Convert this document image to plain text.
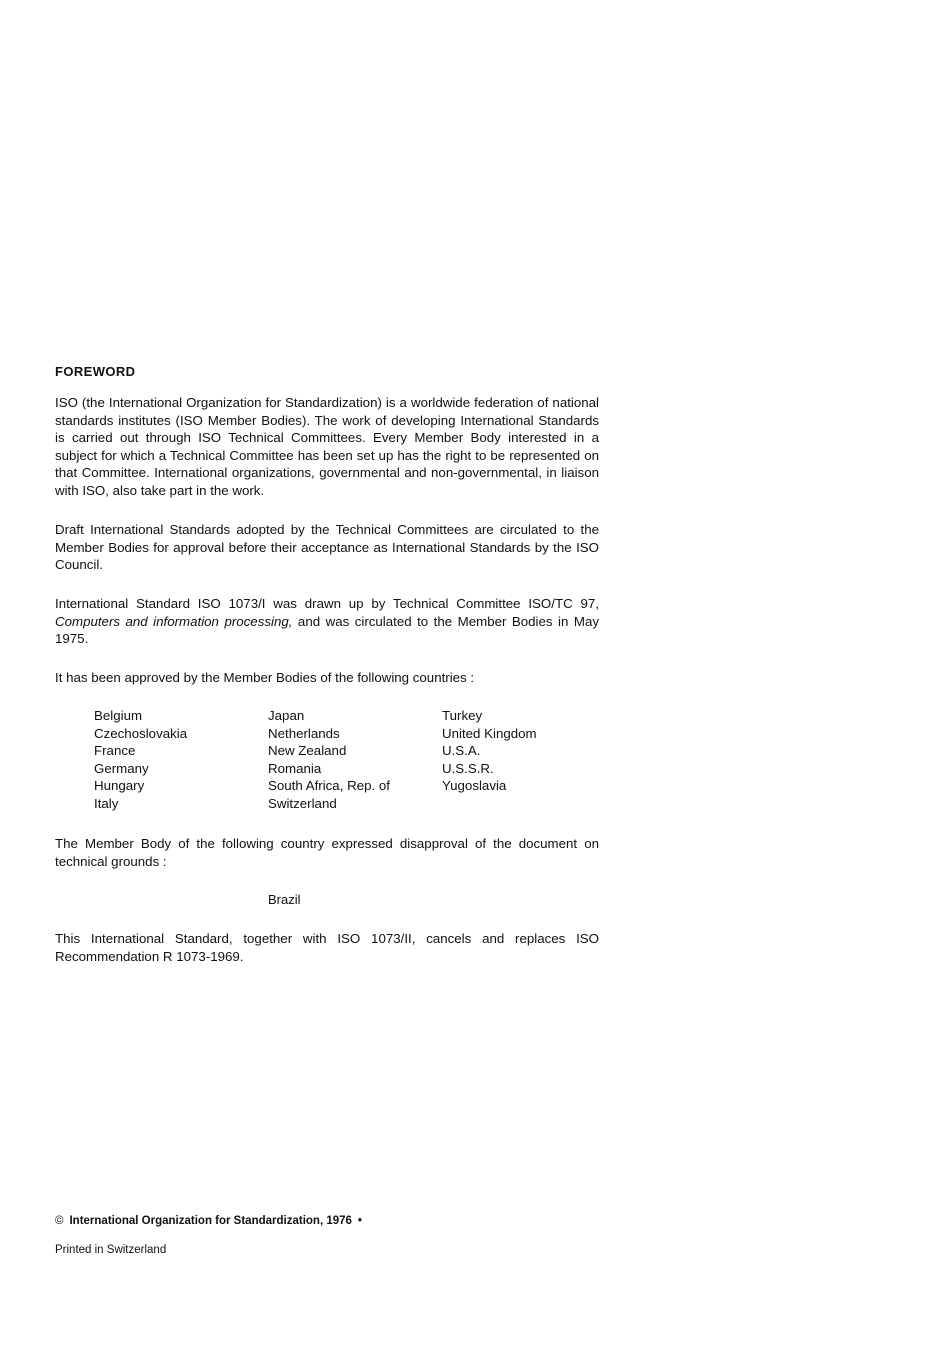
FOREWORD

ISO (the International Organization for Standardization) is a worldwide federation of national standards institutes (ISO Member Bodies). The work of developing International Standards is carried out through ISO Technical Committees. Every Member Body interested in a subject for which a Technical Committee has been set up has the right to be represented on that Committee. International organizations, governmental and non-governmental, in liaison with ISO, also take part in the work.

Draft International Standards adopted by the Technical Committees are circulated to the Member Bodies for approval before their acceptance as International Standards by the ISO Council.

International Standard ISO 1073/I was drawn up by Technical Committee ISO/TC 97, Computers and information processing, and was circulated to the Member Bodies in May 1975.

It has been approved by the Member Bodies of the following countries :

Belgium
Czechoslovakia
France
Germany
Hungary
Italy
Japan
Netherlands
New Zealand
Romania
South Africa, Rep. of
Switzerland
Turkey
United Kingdom
U.S.A.
U.S.S.R.
Yugoslavia

The Member Body of the following country expressed disapproval of the document on technical grounds :

Brazil

This International Standard, together with ISO 1073/II, cancels and replaces ISO Recommendation R 1073-1969.

© International Organization for Standardization, 1976 •
Printed in Switzerland
